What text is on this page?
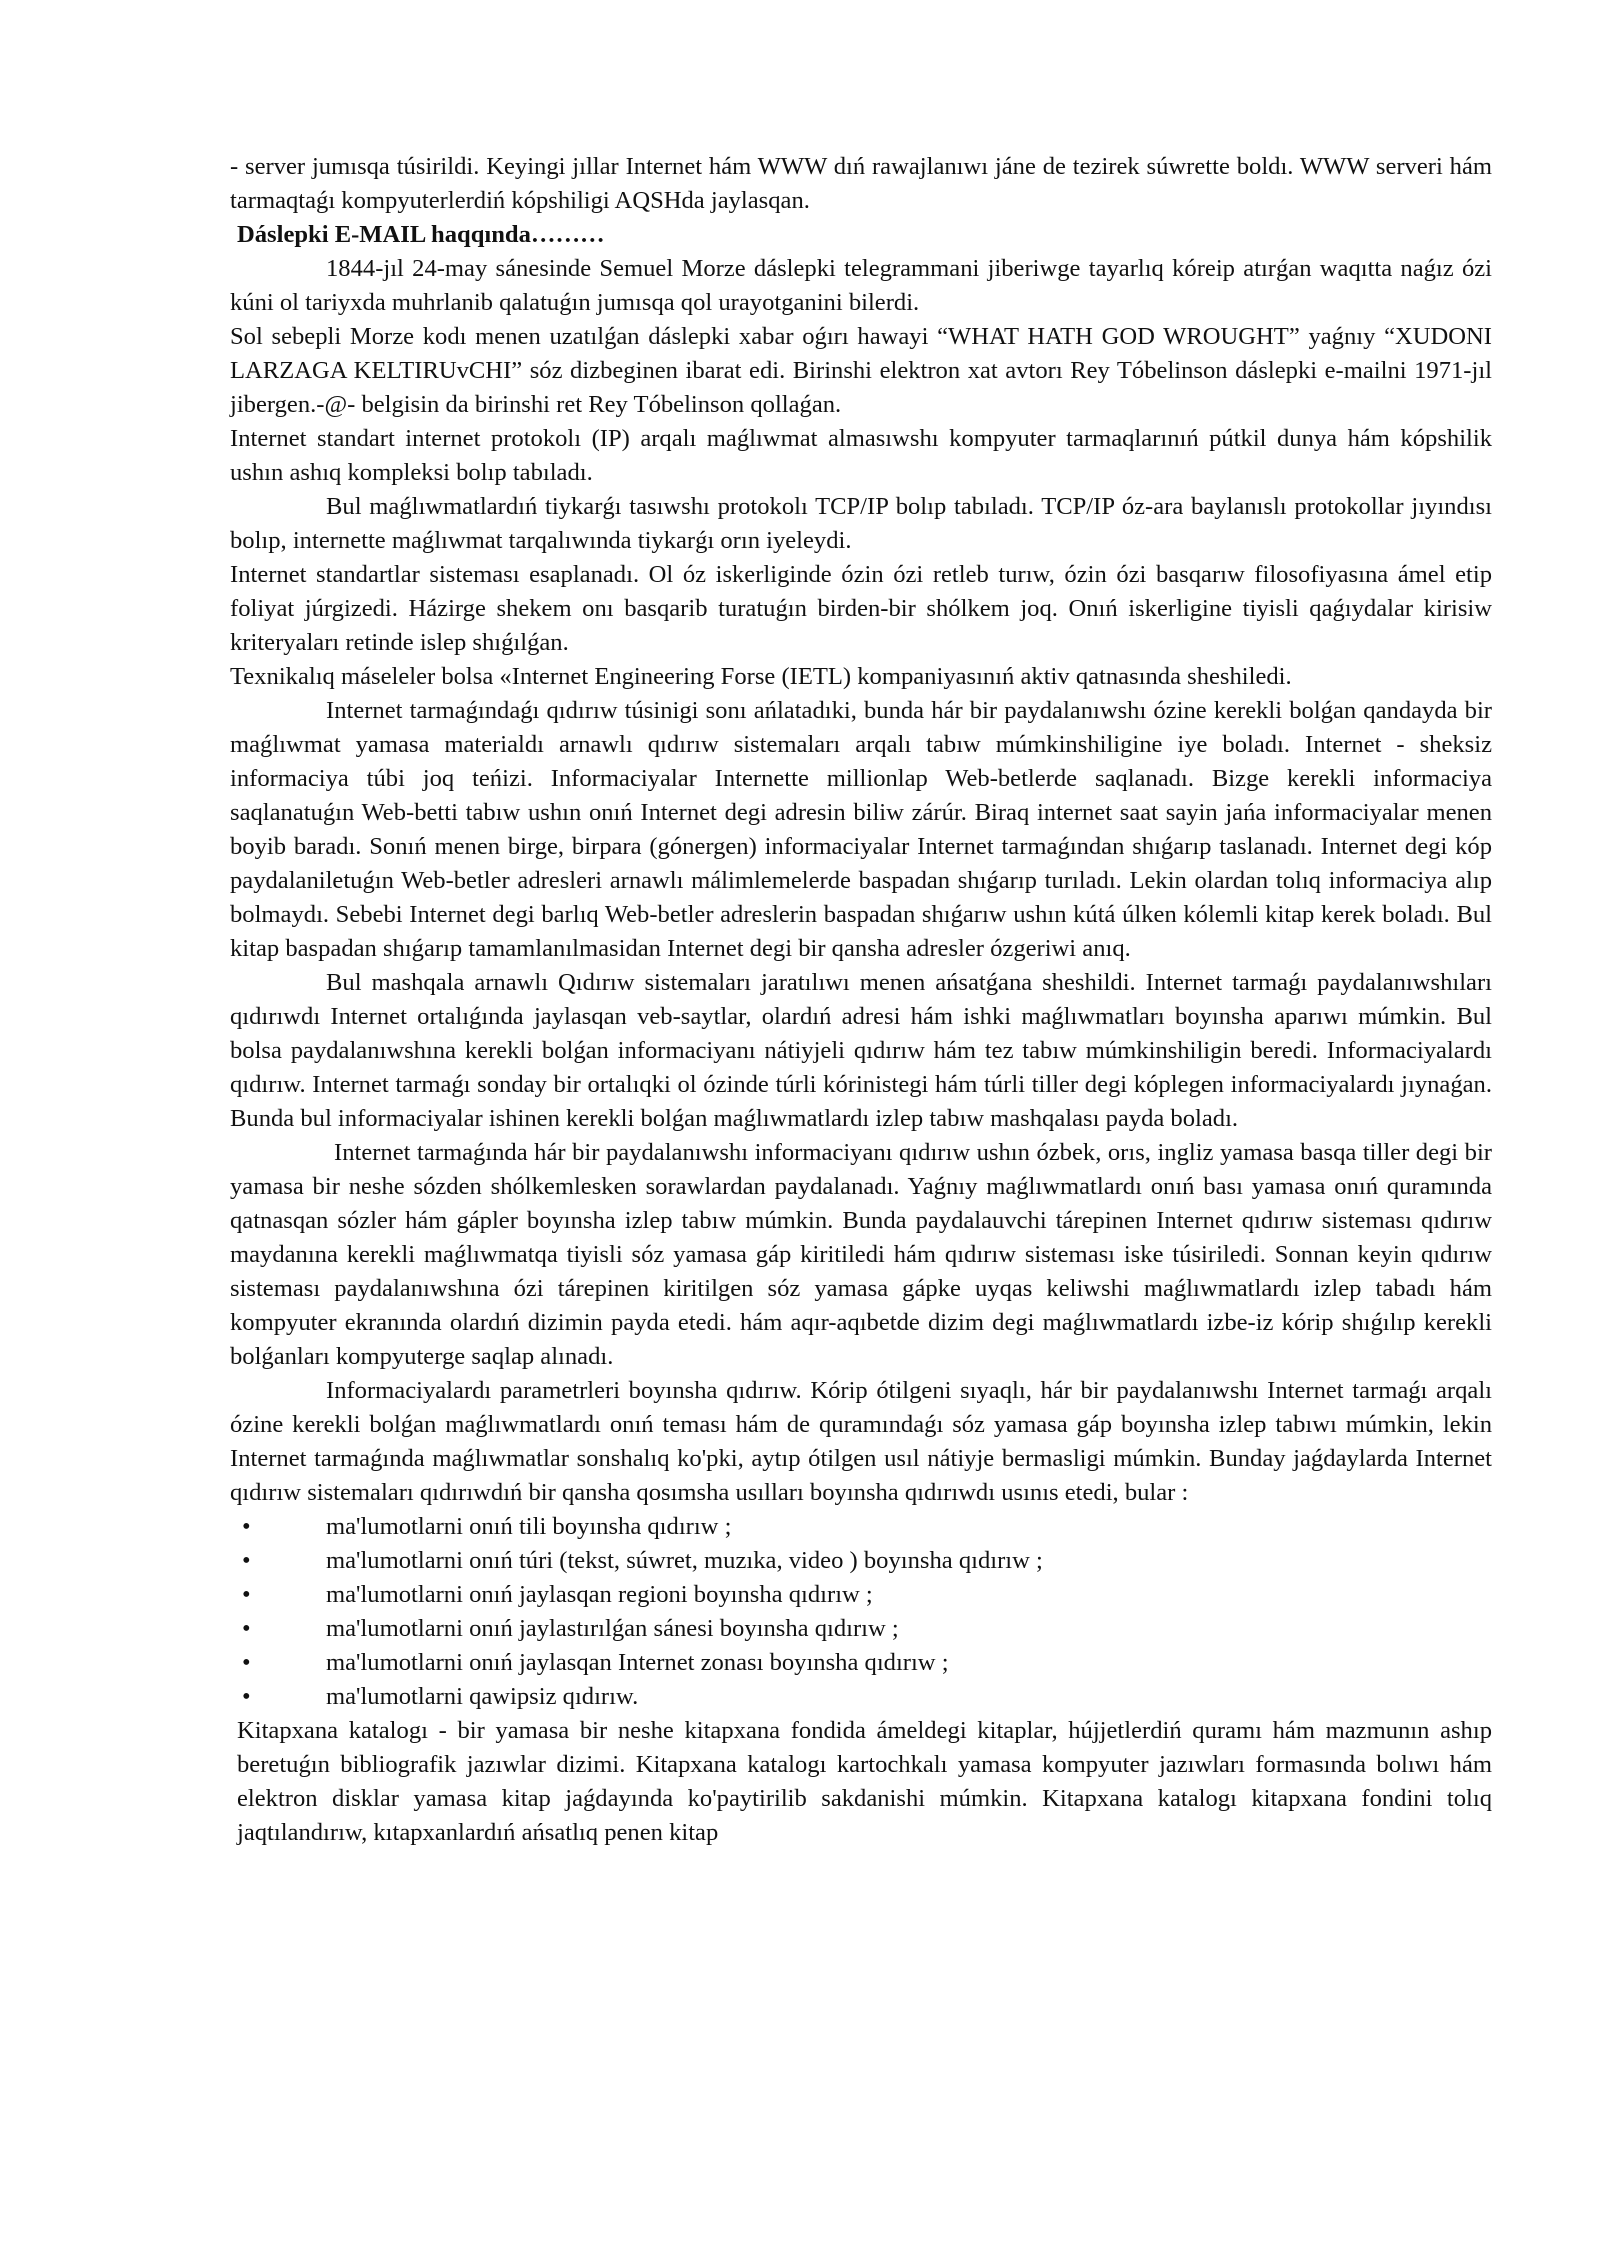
- server jumısqa túsirildi. Keyingi jıllar Internet hám WWW dıń rawajlanıwı jáne de tezirek súwrette boldı. WWW serveri hám tarmaqtaǵı kompyuterlerdiń kópshiligi AQSHda jaylasqan.

Dáslepki E-MAIL haqqında………

1844-jıl 24-may sánesinde Semuel Morze dáslepki telegrammani jiberiwge tayarlıq kóreip atırǵan waqıtta naǵız ózi kúni ol tariyxda muhrlanib qalatuǵın jumısqa qol urayotganini bilerdi.

Sol sebepli Morze kodı menen uzatılǵan dáslepki xabar oǵırı hawayi “WHAT HATH GOD WROUGHT” yaǵnıy “XUDONI LARZAGA KELTIRUvCHI” sóz dizbeginen ibarat edi. Birinshi elektron xat avtorı Rey Tóbelinson dáslepki e-mailni 1971-jıl jibergen.-@- belgisin da birinshi ret Rey Tóbelinson qollaǵan.

Internet standart internet protokolı (IP) arqalı maǵlıwmat almasıwshı kompyuter tarmaqlarınıń pútkil dunya hám kópshilik ushın ashıq kompleksi bolıp tabıladı.

Bul maǵlıwmatlardıń tiykarǵı tasıwshı protokolı TCP/IP bolıp tabıladı. TCP/IP óz-ara baylanıslı protokollar jıyındısı bolıp, internette maǵlıwmat tarqalıwında tiykarǵı orın iyeleydi.

Internet standartlar sisteması esaplanadı. Ol óz iskerliginde ózin ózi retleb turıw, ózin ózi basqarıw filosofiyasına ámel etip foliyat júrgizedi. Házirge shekem onı basqarib turatuǵın birden-bir shólkem joq. Onıń iskerligine tiyisli qaǵıydalar kirisiw kriteryaları retinde islep shıǵılǵan.

Texnikalıq máseleler bolsa «Internet Engineering Forse (IETL) kompaniyasınıń aktiv qatnasında sheshiledi.

Internet tarmaǵındaǵı qıdırıw túsinigi sonı ańlatadıki, bunda hár bir paydalanıwshı ózine kerekli bolǵan qandayda bir maǵlıwmat yamasa materialdı arnawlı qıdırıw sistemaları arqalı tabıw múmkinshiligine iye boladı. Internet - sheksiz informaciya túbi joq teńizi. Informaciyalar Internette millionlap Web-betlerde saqlanadı. Bizge kerekli informaciya saqlanatuǵın Web-betti tabıw ushın onıń Internet degi adresin biliw zárúr. Biraq internet saat sayin jańa informaciyalar menen boyib baradı. Sonıń menen birge, birpara (gónergen) informaciyalar Internet tarmaǵından shıǵarıp taslanadı. Internet degi kóp paydalaniletuǵın Web-betler adresleri arnawlı málimlemelerde baspadan shıǵarıp turıladı. Lekin olardan tolıq informaciya alıp bolmaydı. Sebebi Internet degi barlıq Web-betler adreslerin baspadan shıǵarıw ushın kútá úlken kólemli kitap kerek boladı. Bul kitap baspadan shıǵarıp tamamlanılmasidan Internet degi bir qansha adresler ózgeriwi anıq.

Bul mashqala arnawlı Qıdırıw sistemaları jaratılıwı menen ańsatǵana sheshildi. Internet tarmaǵı paydalanıwshıları qıdırıwdı Internet ortalıǵında jaylasqan veb-saytlar, olardıń adresi hám ishki maǵlıwmatları boyınsha aparıwı múmkin. Bul bolsa paydalanıwshına kerekli bolǵan informaciyanı nátiyjeli qıdırıw hám tez tabıw múmkinshiligin beredi. Informaciyalardı qıdırıw. Internet tarmaǵı sonday bir ortalıqki ol ózinde túrli kórinistegi hám túrli tiller degi kóplegen informaciyalardı jıynaǵan. Bunda bul informaciyalar ishinen kerekli bolǵan maǵlıwmatlardı izlep tabıw mashqalası payda boladı.

Internet tarmaǵında hár bir paydalanıwshı informaciyanı qıdırıw ushın ózbek, orıs, ingliz yamasa basqa tiller degi bir yamasa bir neshe sózden shólkemlesken sorawlardan paydalanadı. Yaǵnıy maǵlıwmatlardı onıń bası yamasa onıń quramında qatnasqan sózler hám gápler boyınsha izlep tabıw múmkin. Bunda paydalauvchi tárepinen Internet qıdırıw sisteması qıdırıw maydanına kerekli maǵlıwmatqa tiyisli sóz yamasa gáp kiritiledi hám qıdırıw sisteması iske túsiriledi. Sonnan keyin qıdırıw sisteması paydalanıwshına ózi tárepinen kiritilgen sóz yamasa gápke uyqas keliwshi maǵlıwmatlardı izlep tabadı hám kompyuter ekranında olardıń dizimin payda etedi. hám aqır-aqıbetde dizim degi maǵlıwmatlardı izbe-iz kórip shıǵılıp kerekli bolǵanları kompyuterge saqlap alınadı.

Informaciyalardı parametrleri boyınsha qıdırıw. Kórip ótilgeni sıyaqlı, hár bir paydalanıwshı Internet tarmaǵı arqalı ózine kerekli bolǵan maǵlıwmatlardı onıń teması hám de quramındaǵı sóz yamasa gáp boyınsha izlep tabıwı múmkin, lekin Internet tarmaǵında maǵlıwmatlar sonshalıq ko'pki, aytıp ótilgen usıl nátiyje bermasligi múmkin. Bunday jaǵdaylarda Internet qıdırıw sistemaları qıdırıwdıń bir qansha qosımsha usılları boyınsha qıdırıwdı usınıs etedi, bular :

•	ma'lumotlarni onıń tili boyınsha qıdırıw ;
•	ma'lumotlarni onıń túri (tekst, súwret, muzıka, video ) boyınsha qıdırıw ;
•	ma'lumotlarni onıń jaylasqan regioni boyınsha qıdırıw ;
•	ma'lumotlarni onıń jaylastırılǵan sánesi boyınsha qıdırıw ;
•	ma'lumotlarni onıń jaylasqan Internet zonası boyınsha qıdırıw ;
•	ma'lumotlarni qawipsiz qıdırıw.

Kitapxana katalogı - bir yamasa bir neshe kitapxana fondida ámeldegi kitaplar, hújjetlerdiń quramı hám mazmunın ashıp beretuǵın bibliografik jazıwlar dizimi. Kitapxana katalogı kartochkalı yamasa kompyuter jazıwları formasında bolıwı hám elektron disklar yamasa kitap jaǵdayında ko'paytirilib sakdanishi múmkin. Kitapxana katalogı kitapxana fondini tolıq jaqtılandırıw, kıtapxanlardıń ańsatlıq penen kitap
